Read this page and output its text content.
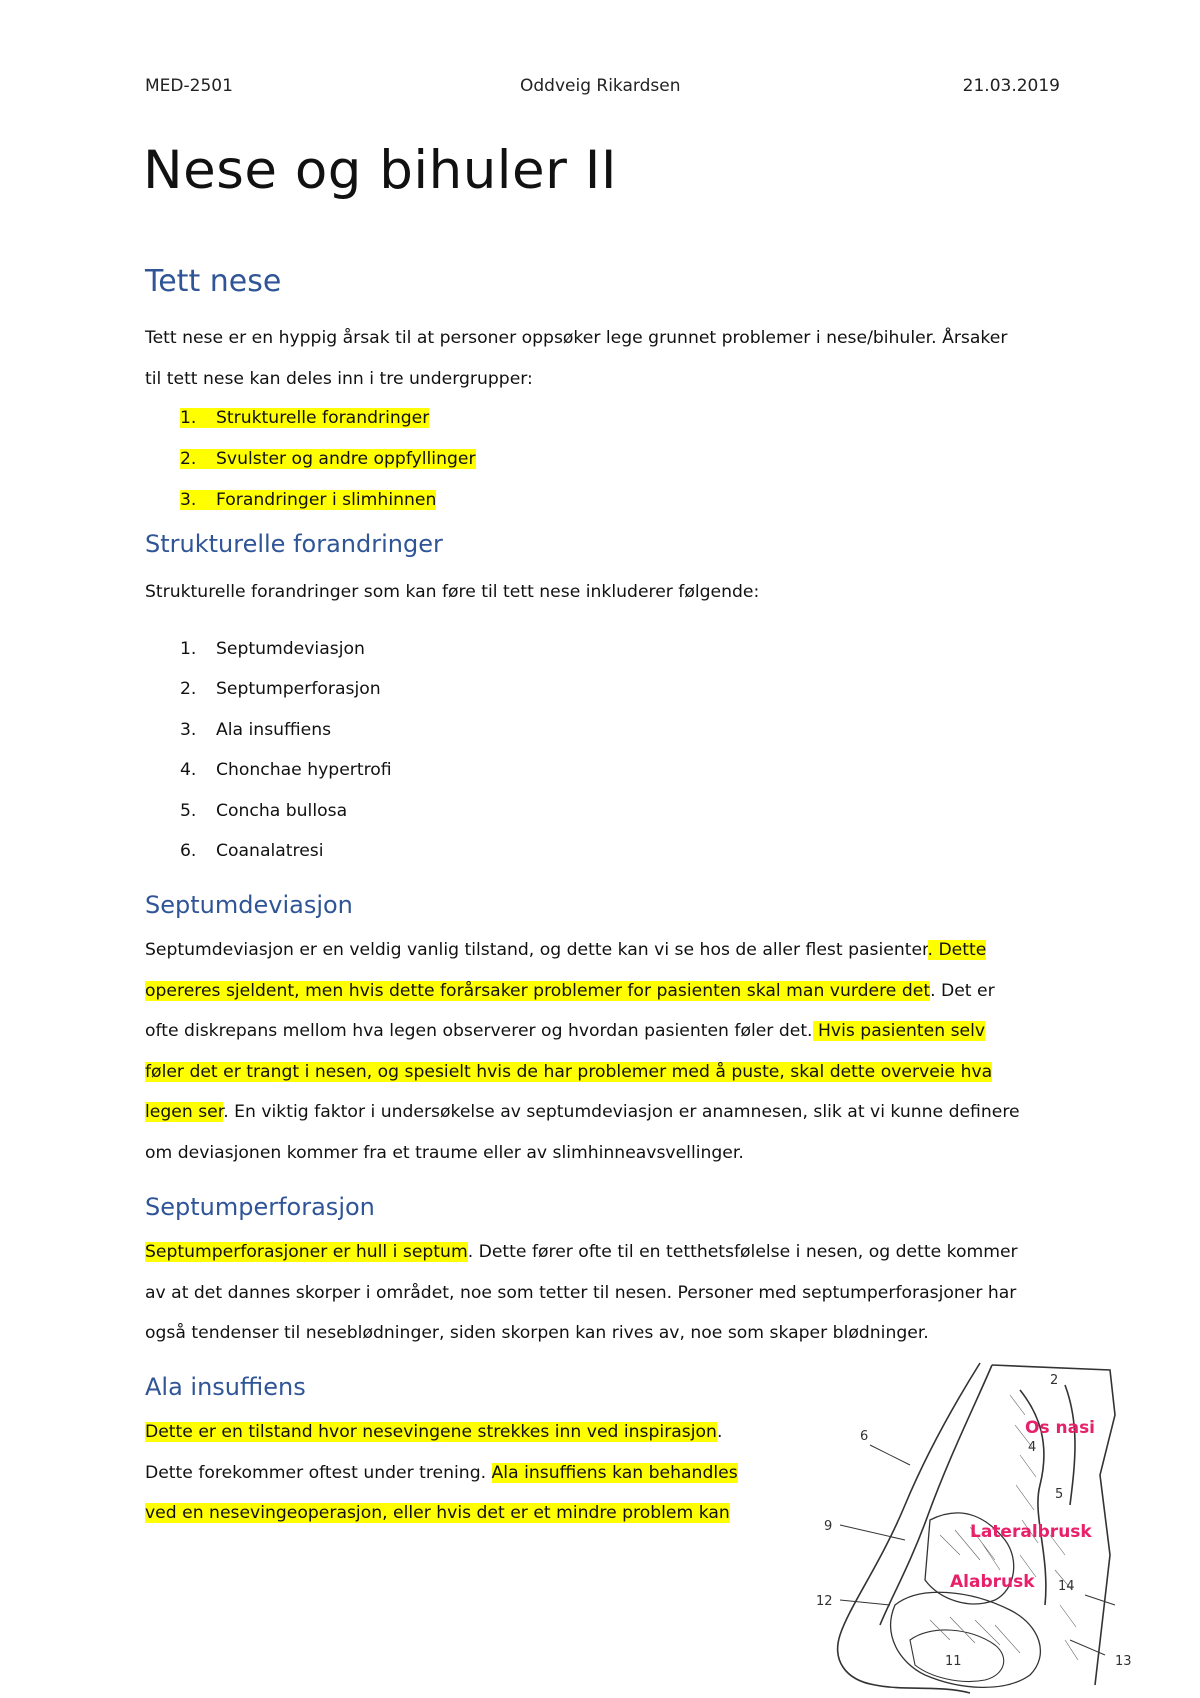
MED-2501	Oddveig Rikardsen	21.03.2019
Nese og bihuler II
Tett nese
Tett nese er en hyppig årsak til at personer oppsøker lege grunnet problemer i nese/bihuler. Årsaker
til tett nese kan deles inn i tre undergrupper:
1. Strukturelle forandringer
2. Svulster og andre oppfyllinger
3. Forandringer i slimhinnen
Strukturelle forandringer
Strukturelle forandringer som kan føre til tett nese inkluderer følgende:
1. Septumdeviasjon
2. Septumperforasjon
3. Ala insuffiens
4. Chonchae hypertrofi
5. Concha bullosa
6. Coanalatresi
Septumdeviasjon
Septumdeviasjon er en veldig vanlig tilstand, og dette kan vi se hos de aller flest pasienter. Dette
opereres sjeldent, men hvis dette forårsaker problemer for pasienten skal man vurdere det. Det er
ofte diskrepans mellom hva legen observerer og hvordan pasienten føler det. Hvis pasienten selv
føler det er trangt i nesen, og spesielt hvis de har problemer med å puste, skal dette overveie hva
legen ser. En viktig faktor i undersøkelse av septumdeviasjon er anamnesen, slik at vi kunne definere
om deviasjonen kommer fra et traume eller av slimhinneavsvellinger.
Septumperforasjon
Septumperforasjoner er hull i septum. Dette fører ofte til en tetthetsfølelse i nesen, og dette kommer
av at det dannes skorper i området, noe som tetter til nesen. Personer med septumperforasjoner har
også tendenser til neseblødninger, siden skorpen kan rives av, noe som skaper blødninger.
Ala insuffiens
Dette er en tilstand hvor nesevingene strekkes inn ved inspirasjon.
Dette forekommer oftest under trening. Ala insuffiens kan behandles
ved en nesevingeoperasjon, eller hvis det er et mindre problem kan
2
4
5
6
9
11
12
13
14
Os nasi
Lateralbrusk
Alabrusk
